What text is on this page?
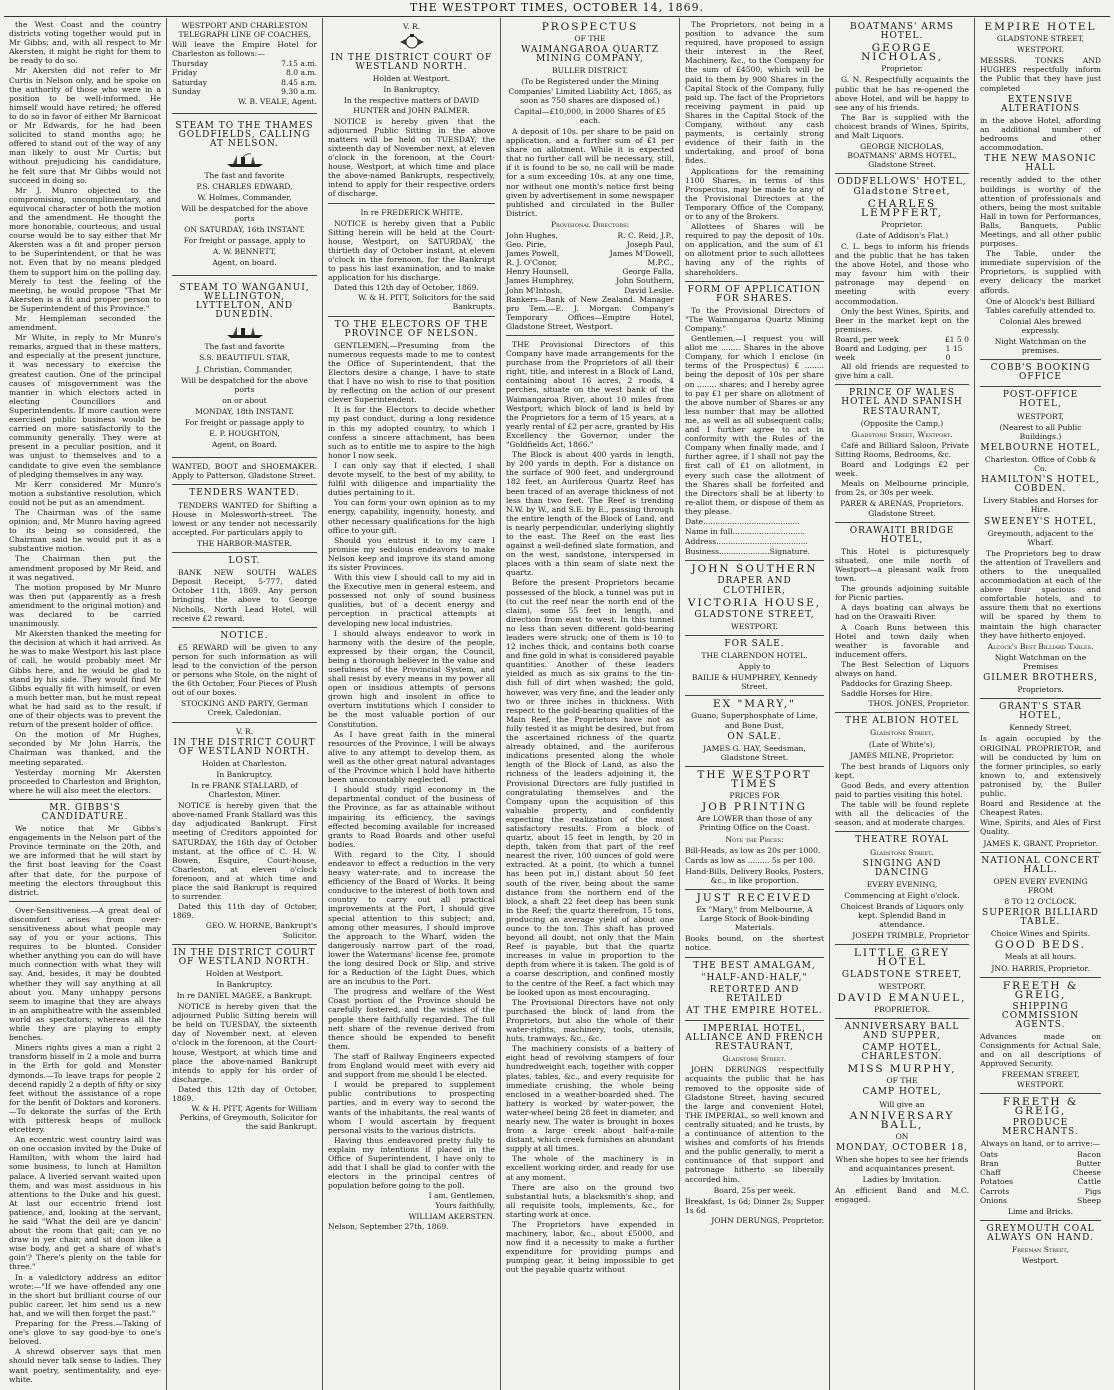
THE WESTPORT TIMES, OCTOBER 14, 1869.

the West Coast and the country districts voting together would put in Mr Gibbs; and, with all respect to Mr Akersten, it might be right for them to be ready to do so.

Mr Akersten did not refer to Mr Curtis in Nelson only, and he spoke on the authority of those who were in a position to be well-informed. He himself would have retired; he offered to do so in favor of either Mr Barnicoat or Mr Edwards, for he had been solicited to stand months ago; he offered to stand out of the way of any man likely to oust Mr Curtis; but without prejudicing his candidature, he felt sure that Mr Gibbs would not succeed in doing so.

Mr J. Munro objected to the compromising, uncomplimentary, and equivocal character of both the motion and the amendment. He thought the more honorable, courteous, and usual course would be to say either that Mr Akersten was a fit and proper person to be Superintendent, or that he was not. Even that by no means pledged them to support him on the polling day. Merely to test the feeling of the meeting, he would propose "That Mr Akersten is a fit and proper person to be Superintendent of this Province."

Mr Hempleman seconded the amendment.

Mr White, in reply to Mr Munro's remarks, argued that in these matters, and especially at the present juncture, it was necessary to exercise the greatest caution. One of the principal causes of misgovernment was the manner in which electors acted in electing Councillors and Superintendents. If more caution were exercised public business would be carried on more satisfactorily to the community generally. They were at present in a peculiar position, and it was unjust to themselves and to a candidate to give even the semblance of pledging themselves in any way.

Mr Kerr considered Mr Munro's motion a substantive resolution, which could not be put as an amendment.

The Chairman was of the same opinion; and, Mr Munro having agreed to its being so considered, the Chairman said he would put it as a substantive motion.

The Chairman then put the amendment proposed by Mr Reid, and it was negatived.

The motion proposed by Mr Munro was then put (apparently as a fresh amendment to the original motion) and was declared to be carried unanimously.

Mr Akersten thanked the meeting for the decision at which it had arrived. As he was to make Westport his last place of call, he would probably meet Mr Gibbs here, and he would be glad to stand by his side. They would find Mr Gibbs equally fit with himself, or even a much better man, but he must repeat what he had said as to the result, if one of their objects was to prevent the return of the present holder of office.

On the motion of Mr Hughes, seconded by Mr John Harris, the Chairman was thanked, and the meeting separated.

Yesterday morning Mr Akersten proceeded to Charleston and Brighton, where he will also meet the electors.

MR. GIBBS'S CANDIDATURE.

We notice that Mr Gibbs's engagements in the Nelson part of the Province terminate on the 20th, and we are informed that he will start by the first boat leaving for the Coast after that date, for the purpose of meeting the electors throughout this district.

Over-Sensitiveness.—A great deal of discomfort arises from over-sensitiveness about what people may say of you or your actions. This requires to be blunted. Consider whether anything you can do will have much connection with what they will say. And, besides, it may be doubted whether they will say anything at all about you. Many unhappy persons seem to imagine that they are always in an amphitheatre with the assembled world as spectators; whereas all the while they are playing to empty benches.

Miners rights gives a man a right 2 transform hisself in 2 a mole and burra in the Erth for gold and Monster dymonds.—To leave traps for people 2 decend rapidly 2 a depth of fifty or sixy feet without the assistance of a rope for the benfit of Doktors and koroners.—To dekorate the surfas of the Erth with pitteresk heaps of mullock etcettery.

An eccentric west country laird was on one occasion invited by the Duke of Hamilton, with whom the laird had some business, to lunch at Hamilton palace. A liveried servant waited upon them, and was most assiduous in his attentions to the Duke and his guest. At last our eccentric friend lost patience, and, looking at the servant, he said "What the deil are ye dancin' about the room that gait; can ye no draw in yer chair, and sit doon like a wise body, and get a share of what's goin'? There's plenty on the table for three."

In a valedictory address an editor wrote:—"If we have offended any one in the short but brilliant course of our public career, let him send us a new hat, and we will then forget the past."

Preparing for the Press.—Taking of one's glove to say good-bye to one's beloved.

A shrewd observer says that men should never talk sense to ladies. They want poetry, sentimentality, and eye-white.

WESTPORT AND CHARLESTON TELEGRAPH LINE OF COACHES,

Will leave the Empire Hotel for Charleston as follows:—

Thursday	7.15 a.m.
Friday	8.0 a.m.
Saturday	8.45 a.m.
Sunday	9.30 a.m.

W. B. VEALE, Agent.

STEAM TO THE THAMES GOLDFIELDS, CALLING AT NELSON.

The fast and favorite

P.S. CHARLES EDWARD,

W. Holmes, Commander,

Will be despatched for the above ports

ON SATURDAY, 16th INSTANT.

For freight or passage, apply to

A. W. BENNETT,

Agent, on board.

STEAM TO WANGANUI, WELLINGTON, LYTTELTON, AND DUNEDIN.

The fast and favorite

S.S. BEAUTIFUL STAR,

J. Christian, Commander,

Will be despatched for the above ports

on or about

MONDAY, 18th INSTANT.

For freight or passage apply to

E. P. HOUGHTON,

Agent, on Board.

WANTED, BOOT and SHOEMAKER. Apply to Patterson, Gladstone Street.

TENDERS WANTED.

TENDERS WANTED for Shifting a House in Molesworth-street. The lowest or any tender not necessarily accepted. For particulars apply to

THE HARBOR-MASTER.

LOST.

BANK NEW SOUTH WALES Deposit Receipt, 5-777, dated October 11th, 1869. Any person bringing the above to George Nicholls, North Lead Hotel, will receive £2 reward.

NOTICE.

£5 REWARD will be given to any person for such information as will lead to the conviction of the person or persons who Stole, on the night of the 6th October, Four Pieces of Plush out of our boxes.

STOCKING AND PARTY, German Creek, Caledonian.

V. R.

IN THE DISTRICT COURT OF WESTLAND NORTH.

Holden at Charleston.

In Bankruptcy.

In re FRANK STALLARD, of Charleston, Miner.

NOTICE is hereby given that the above-named Frank Stallard was this day adjudicated Bankrupt. First meeting of Creditors appointed for SATURDAY, the 16th day of October instant, at the office of C. H. W. Bowen, Esquire, Court-house, Charleston, at eleven o'clock forenoon, and at which time and place the said Bankrupt is required to surrender.

Dated this 11th day of October, 1869.

GEO. W. HORNE, Bankrupt's Solicitor.

IN THE DISTRICT COURT OF WESTLAND NORTH.

Holden at Westport.

In Bankruptcy.

In re DANIEL MAGEE, a Bankrupt.

NOTICE is hereby given that the adjourned Public Sitting herein will be held on TUESDAY, the sixteenth day of November next, at eleven o'clock in the forenoon, at the Court-house, Westport, at which time and place the above-named Bankrupt intends to apply for his order of discharge.

Dated this 12th day of October, 1869.

W. & H. PITT, Agents for William Perkins, of Greymouth, Solicitor for the said Bankrupt.

V. R.

IN THE DISTRICT COURT OF WESTLAND NORTH.

Holden at Westport.

In Bankruptcy.

In the respective matters of DAVID HUNTER and JOHN PALMER.

NOTICE is hereby given that the adjourned Public Sitting in the above matters will be held on TUESDAY, the sixteenth day of November next, at eleven o'clock in the forenoon, at the Court-house, Westport, at which time and place the above-named Bankrupts, respectively, intend to apply for their respective orders of discharge.

In re FREDERICK WHITE.

NOTICE is hereby given that a Public Sitting herein will be held at the Court-house, Westport, on SATURDAY, the thirtieth day of October instant, at eleven o'clock in the forenoon, for the Bankrupt to pass his last examination, and to make application for his discharge.

Dated this 12th day of October, 1869.

W. & H. PITT, Solicitors for the said Bankrupts.

TO THE ELECTORS OF THE PROVINCE OF NELSON.

GENTLEMEN,—Presuming from the numerous requests made to me to contest the Office of Superintendent, that the Electors desire a change, I have to state that I have no wish to rise to that position by reflecting on the action of our present clever Superintendent.

It is for the Electors to decide whether my past conduct, during a long residence in this my adopted country, to which I confess a sincere attachment, has been such as to entitle me to aspire to the high honor I now seek.

I can only say that if elected, I shall devote myself, to the best of my ability, to fulfil with diligence and impartiality the duties pertaining to it.

You can form your own opinion as to my energy, capability, ingenuity, honesty, and other necessary qualifications for the high office to your gift.

Should you entrust it to my care I promise my sedulous endeavors to make Nelson keep and improve its stand among its sister Provinces.

With this view I should call to my aid in the Executive men in general esteem, and possessed not only of sound business qualities, but of a decent energy and perception in practical attempts at developing new local industries.

I should always endeavor to work in harmony with the desire of the people, expressed by their organ, the Council, being a thorough believer in the value and usefulness of the Provincial System, and shall resist by every means in my power all open or insidious attempts of persons grown high and insolent in office to overturn institutions which I consider to be the most valuable portion of our Constitution.

As I have great faith in the mineral resources of the Province, I will be always alive to any attempt to develop them, as well as the other great natural advantages of the Province which I hold have hitherto been unaccountably neglected.

I should study rigid economy in the departmental conduct of the business of the Province, as far as attainable without impairing its efficiency, the savings effected becoming available for increased grants to Road Boards and other useful bodies.

With regard to the City, I should endeavor to effect a reduction in the very heavy water-rate, and to increase the efficiency of the Board of Works. It being conducive to the interest of both town and country to carry out all practical improvements at the Port, I should give special attention to this subject; and, among other measures, I should improve the approach to the Wharf, widen the dangerously narrow part of the road, lower the Watermans' license fee, promote the long desired Dock or Slip, and strive for a Reduction of the Light Dues, which are an incubus to the Port.

The progress and welfare of the West Coast portion of the Province should be carefully fostered, and the wishes of the people there faithfully regarded. The full nett share of the revenue derived from thence should be expended to benefit them.

The staff of Railway Engineers expected from England would meet with every aid and support from me should I be elected.

I would be prepared to supplement public contributions to prospecting parties, and in every way to second the wants of the inhabitants, the real wants of whom I would ascertain by frequent personal visits to the various districts.

Having thus endeavored pretty fully to explain my intentions if placed in the Office of Superintendent, I have only to add that I shall be glad to confer with the electors in the principal centres of population before going to the poll.

I am, Gentlemen,

Yours faithfully,

WILLIAM AKERSTEN.

Nelson, September 27th, 1869.

PROSPECTUS

OF THE

WAIMANGAROA QUARTZ MINING COMPANY,

BULLER DISTRICT.

(To be Registered under the Mining Companies' Limited Liability Act, 1865, as soon as 750 shares are disposed of.)

Capital—£10,000, in 2000 Shares of £5 each.

A deposit of 10s. per share to be paid on application, and a further sum of £1 per share on allotment. While it is expected that no further call will be necessary, still, if it is found to be so, no call will be made for a sum exceeding 10s. at any one time, nor without one month's notice first being given by advertisement in some newspaper published and circulated in the Buller District.

Provisional Directors:

John Hughes,	R. C. Reid, J.P.,
Geo. Pirie,	Joseph Paul,
James Powell,	James M'Dowell,
R. J. O'Conor,	M.P.C.,
Henry Hounsell,	George Falla,
James Humphrey,	John Southern,
John M'Intosh,	David Leslie.

Bankers—Bank of New Zealand. Manager pro Tem.—E. J. Morgan. Company's Temporary Offices—Empire Hotel, Gladstone Street, Westport.

THE Provisional Directors of this Company have made arrangements for the purchase from the Proprietors of all their right, title, and interest in a Block of Land, containing about 16 acres, 2 roods, 4 perches, situate on the west bank of the Waimangaroa River, about 10 miles from Westport; which block of land is held by the Proprietors for a term of 15 years, at a yearly rental of £2 per acre, granted by His Excellency the Governor, under the "Goldfields Act, 1866."

The Block is about 400 yards in length, by 200 yards in depth. For a distance on the surface of 900 feet, and underground 182 feet, an Auriferous Quartz Reef has been traced of an average thickness of not less than two feet. The Reef is trending N.W. by W., and S.E. by E., passing through the entire length of the Block of Land, and is nearly perpendicular, underlying slightly to the east. The Reef on the east lies against a well-defined slate formation, and on the west, sandstone, interspersed in places with a thin seam of slate next the quartz.

Before the present Proprietors became possessed of the block, a tunnel was put in (to cut the reef near the north end of the claim), some 55 feet in length, and direction from east to west. In this tunnel no less than seven different gold-bearing leaders were struck; one of them is 10 to 12 inches thick, and contains both coarse and fine gold in what is considered payable quantities. Another of these leaders yielded as much as six grains to the tin-dish full of dirt when washed; the gold, however, was very fine, and the leader only two or three inches in thickness. With respect to the gold-bearing qualities of the Main Reef, the Proprietors have not as fully tested it as might be desired, but from the ascertained richness of the quartz already obtained, and the auriferous indications presented along the whole length of the Block of Land, as also the richness of the leaders adjoining it, the Provisional Directors are fully justified in congratulating themselves and the Company upon the acquisition of this valuable property, and confidently expecting the realization of the most satisfactory results. From a block of quartz, about 15 feet in length, by 20 in depth, taken from that part of the reef nearest the river, 100 ounces of gold were extracted. At a point, (to which a tunnel has been put in,) distant about 50 feet south of the river, being about the same distance from the northern end of the block, a shaft 22 feet deep has been sunk in the Reef; the quartz therefrom, 15 tons, producing an average yield of about one ounce to the ton. This shaft has proved beyond all doubt, not only that the Main Reef is payable, but that the quartz increases in value in proportion to the depth from where it is taken. The gold is of a coarse description, and confined mostly to the centre of the Reef, a fact which may be looked upon as most encouraging.

The Provisional Directors have not only purchased the block of land from the Proprietors, but also the whole of their water-rights, machinery, tools, utensils, huts, tramways, &c., &c.

The machinery consists of a battery of eight head of revolving stampers of four hundredweight each, together with copper plates, tables, &c., and every requisite for immediate crushing, the whole being enclosed in a weather-boarded shed. The battery is worked by water-power, the water-wheel being 28 feet in diameter, and nearly new. The water is brought in boxes from a large creek about half-a-mile distant, which creek furnishes an abundant supply at all times.

The whole of the machinery is in excellent working order, and ready for use at any moment.

There are also on the ground two substantial huts, a blacksmith's shop, and all requisite tools, implements, &c., for starting work at once.

The Proprietors have expended in machinery, labor, &c., about £5000, and now find it a necessity to make a further expenditure for providing pumps and pumping gear, it being impossible to get out the payable quartz without

The Proprietors, not being in a position to advance the sum required, have proposed to assign their interest in the Reef, Machinery, &c., to the Company for the sum of £4500, which will be paid to them by 900 Shares in the Capital Stock of the Company, fully paid up. The fact of the Proprietors receiving payment in paid up Shares in the Capital Stock of the Company, without any cash payments, is certainly strong evidence of their faith in the undertaking, and proof of bona fides.

Applications for the remaining 1100 Shares, in terms of this Prospectus, may be made to any of the Provisional Directors at the Temporary Office of the Company, or to any of the Brokers.

Allottees of Shares will be required to pay the deposit of 10s. on application, and the sum of £1 on allotment prior to such allottees having any of the rights of shareholders.

FORM OF APPLICATION FOR SHARES.

To the Provisional Directors of "The Waimangaroa Quartz Mining Company."

Gentlemen,—I request you will allot me ........ Shares in the above Company, for which I enclose (in terms of the Prospectus) £ ........ being the deposit of 10s per share on ........ shares; and I hereby agree to pay £1 per share on allotment of the above number of Shares or any less number that may be allotted me, as well as all subsequent calls; and I further agree to act in conformity with the Rules of the Company when finally made, and I further agree, if I shall not pay the first call of £1 on allotment, in every such case the allotment of the Shares shall be forfeited and the Directors shall be at liberty to re-allot them, or dispose of them as they please.

Date........................................

Name in full..............................

Address......................................

Business.....................Signature.

JOHN SOUTHERN

DRAPER AND CLOTHIER,

VICTORIA HOUSE,

GLADSTONE STREET,

WESTPORT.

FOR SALE.

THE CLARENDON HOTEL.

Apply to

BAILIE & HUMPHREY, Kennedy Street.

EX "MARY,"

Guano, Superphosphate of Lime, and Bone Dust,

ON SALE.

JAMES G. HAY, Seedsman, Gladstone Street.

THE WESTPORT TIMES

PRICES FOR

JOB PRINTING

Are LOWER than those of any Printing Office on the Coast.

Note the Prices:

Bill-Heads, as low as 20s per 1000.

Cards as low as ......... 5s per 100.

Hand-Bills, Delivery Books, Posters, &c., in like proportion.

JUST RECEIVED

Ex "Mary," from Melbourne, A Large Stock of Book-binding Materials.

Books bound, on the shortest notice.

THE BEST AMALGAM,

"HALF-AND-HALF,"

RETORTED AND RETAILED

AT THE EMPIRE HOTEL.

IMPERIAL HOTEL, ALLIANCE AND FRENCH RESTAURANT,

Gladstone Street.

JOHN DERUNGS respectfully acquaints the public that he has removed to the opposite side of Gladstone Street, having secured the large and convenient Hotel, THE IMPERIAL, so well known and centrally situated; and he trusts, by a continuance of attention to the wishes and comforts of his friends and the public generally, to merit a continuance of that support and patronage hitherto so liberally accorded him.

Board, 25s per week.

Breakfast, 1s 6d; Dinner 2s; Supper 1s 6d

JOHN DERUNGS, Proprietor.

BOATMANS' ARMS HOTEL.

GEORGE NICHOLAS,

Proprietor.

G. N. Respectfully acquaints the public that he has re-opened the above Hotel, and will be happy to see any of his friends.

The Bar is supplied with the choicest brands of Wines, Spirits, and Malt Liquors.

GEORGE NICHOLAS, BOATMANS' ARMS HOTEL, Gladstone Street.

ODDFELLOWS' HOTEL, Gladstone Street,

CHARLES LEMPFERT,

Proprietor.

(Late of Addison's Flat.)

C. L. begs to inform his friends and the public that he has taken the above Hotel, and those who may favour him with their patronage may depend on meeting with every accommodation.

Only the best Wines, Spirits, and Beer in the market kept on the premises.

Board, per week	£1 5 0
Board and Lodging, per week
1 15 0

All old friends are requested to give him a call.

PRINCE OF WALES HOTEL AND SPANISH RESTAURANT,

(Opposite the Camp,)

Gladstone Street, Westport.

Café and Billiard Saloon, Private Sitting Rooms, Bedrooms, &c.

Board and Lodgings £2 per week.

Meals on Melbourne principle, from 2s, or 30s per week.

PARER & ARENAS, Proprietors. Gladstone Street.

ORAWAITI BRIDGE HOTEL,

This Hotel is picturesquely situated, one mile north of Westport—a pleasant walk from town.

The grounds adjoining suitable for Picnic parties.

A days boating can always be had on the Orawaiti River.

A Coach Runs between this Hotel and town daily when weather is favorable and inducement offers.

The Best Selection of Liquors always on hand.

Paddocks for Grazing Sheep.

Saddle Horses for Hire.

THOS. JONES, Proprietor.

THE ALBION HOTEL

Gladstone Street,

(Late of White's),

JAMES MILNE, Proprietor.

The best brands of Liquors only kept.

Good Beds, and every attention paid to parties visiting this hotel.

The table will be found replete with all the delicacies of the season, and at moderate charges.

THEATRE ROYAL

Gladstone Street.

SINGING AND DANCING

EVERY EVENING,

Commencing at Eight o'clock.

Choicest Brands of Liquors only kept. Splendid Band in attendance.

JOSEPH TRIMBLE, Proprietor

LITTLE GREY HOTEL

GLADSTONE STREET,

WESTPORT.

DAVID EMANUEL,

PROPRIETOR.

ANNIVERSARY BALL AND SUPPER,

CAMP HOTEL, CHARLESTON.

MISS MURPHY,

OF THE

CAMP HOTEL,

Will give an

ANNIVERSARY BALL,

ON

MONDAY, OCTOBER 18,

When she hopes to see her friends and acquaintances present.

Ladies by Invitation.

An efficient Band and M.C. engaged.

EMPIRE HOTEL

GLADSTONE STREET,

WESTPORT.

MESSRS. TONKS AND HUGHES respectfully inform the Public that they have just completed

EXTENSIVE ALTERATIONS

in the above Hotel, affording an additional number of bedrooms and other accommodation.

THE NEW MASONIC HALL

recently added to the other buildings is worthy of the attention of professionals and others, being the most suitable Hall in town for Performances, Balls, Banquets, Public Meetings, and all other public purposes.

The Table, under the immediate supervision of the Proprietors, is supplied with every delicacy the market affords.

One of Alcock's best Billiard Tables carefully attended to.

Colonial Ales brewed expressly.

Night Watchman on the premises.

COBB'S BOOKING OFFICE

POST-OFFICE HOTEL,

WESTPORT,

(Nearest to all Public Buildings.)

MELBOURNE HOTEL,

Charleston. Office of Cobb & Co.

HAMILTON'S HOTEL, COBDEN.

Livery Stables and Horses for Hire.

SWEENEY'S HOTEL,

Greymouth, adjacent to the Wharf.

The Proprietors beg to draw the attention of Travellers and others to the unequalled accommodation at each of the above four spacious and comfortable hotels, and to assure them that no exertions will be spared by them to maintain the high character they have hitherto enjoyed.

Alcock's Best Billiard Tables.

Night Watchman on the Premises

GILMER BROTHERS,

Proprietors.

GRANT'S STAR HOTEL,

Kennedy Street,

Is again occupied by the ORIGINAL PROPRIETOR, and will be conducted by him on the former principles, so early known to, and extensively patronised by, the Buller public.

Board and Residence at the Cheapest Rates.

Wine, Spirits, and Ales of First Quality.

JAMES K. GRANT, Proprietor.

NATIONAL CONCERT HALL.

OPEN EVERY EVENING FROM

8 TO 12 O'CLOCK.

SUPERIOR BILLIARD TABLE.

Choice Wines and Spirits.

GOOD BEDS.

Meals at all hours.

JNO. HARRIS, Proprietor.

FREETH & GREIG,

SHIPPING COMMISSION AGENTS.

Advances made on Consignments for Actual Sale, and on all descriptions of Approved Security.

FREEMAN STREET, WESTPORT.

FREETH & GREIG,

PRODUCE MERCHANTS.

Always on hand, or to arrive:—

Oats	Bacon
Bran	Butter
Chaff	Cheese
Potatoes	Cattle
Carrots	Pigs
Onions	Sheep

Lime and Bricks.

GREYMOUTH COAL ALWAYS ON HAND.

Freeman Street,

Westport.
